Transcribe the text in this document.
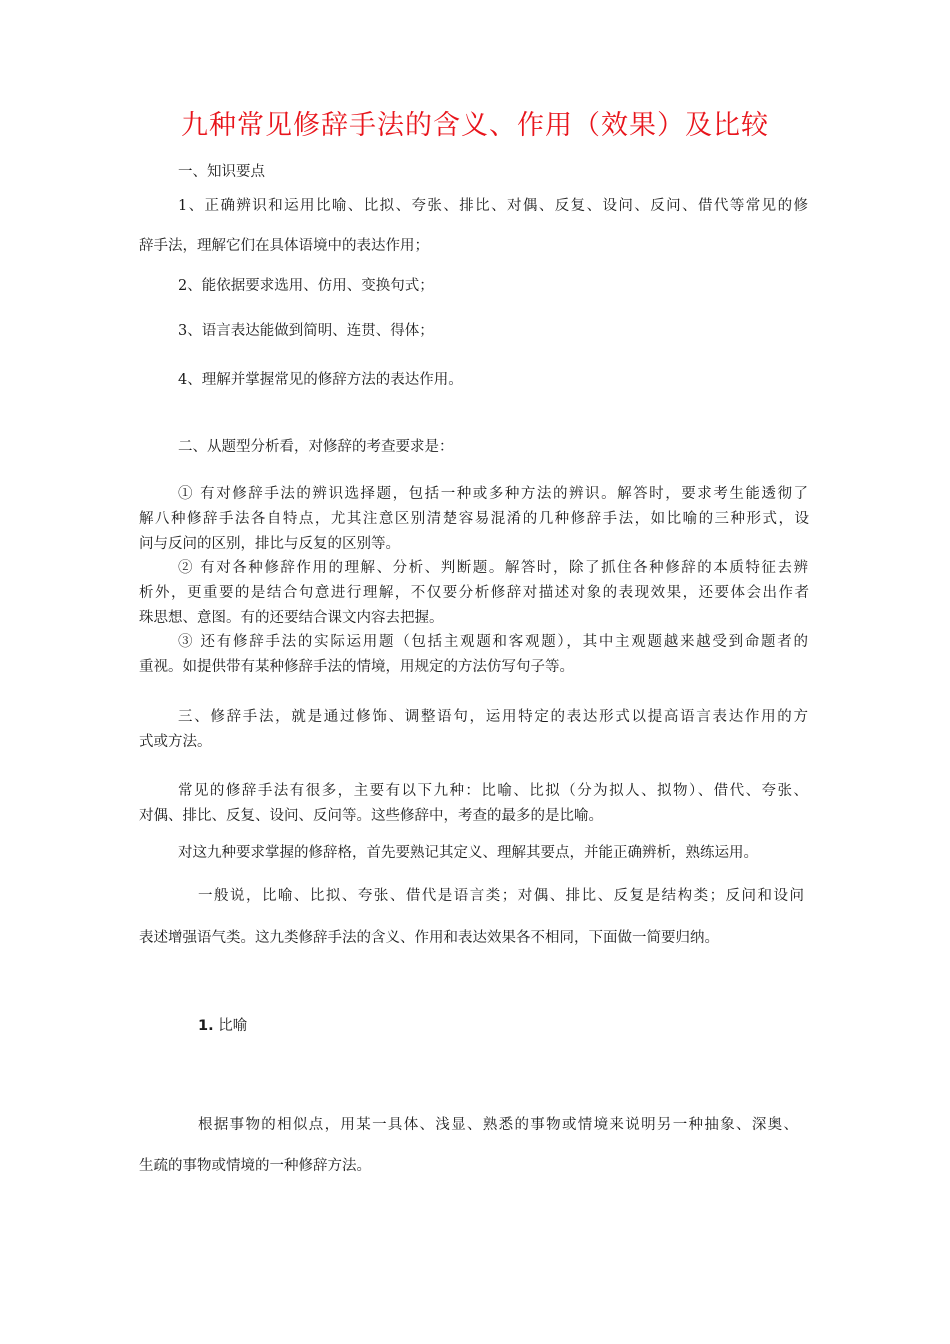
九种常见修辞手法的含义、作用（效果）及比较
一、知识要点
1、正确辨识和运用比喻、比拟、夸张、排比、对偶、反复、设问、反问、借代等常见的修
辞手法，理解它们在具体语境中的表达作用；
2、能依据要求选用、仿用、变换句式；
3、语言表达能做到简明、连贯、得体；
4、理解并掌握常见的修辞方法的表达作用。
二、从题型分析看，对修辞的考查要求是：
① 有对修辞手法的辨识选择题，包括一种或多种方法的辨识。解答时，要求考生能透彻了
解八种修辞手法各自特点，尤其注意区别清楚容易混淆的几种修辞手法，如比喻的三种形式，设
问与反问的区别，排比与反复的区别等。
② 有对各种修辞作用的理解、分析、判断题。解答时，除了抓住各种修辞的本质特征去辨
析外，更重要的是结合句意进行理解，不仅要分析修辞对描述对象的表现效果，还要体会出作者
珠思想、意图。有的还要结合课文内容去把握。
③ 还有修辞手法的实际运用题（包括主观题和客观题），其中主观题越来越受到命题者的
重视。如提供带有某种修辞手法的情境，用规定的方法仿写句子等。
三、修辞手法，就是通过修饰、调整语句，运用特定的表达形式以提高语言表达作用的方
式或方法。
常见的修辞手法有很多，主要有以下九种：比喻、比拟（分为拟人、拟物）、借代、夸张、
对偶、排比、反复、设问、反问等。这些修辞中，考查的最多的是比喻。
对这九种要求掌握的修辞格，首先要熟记其定义、理解其要点，并能正确辨析，熟练运用。
一般说，比喻、比拟、夸张、借代是语言类；对偶、排比、反复是结构类；反问和设问
表述增强语气类。这九类修辞手法的含义、作用和表达效果各不相同，下面做一简要归纳。
1. 比喻
根据事物的相似点，用某一具体、浅显、熟悉的事物或情境来说明另一种抽象、深奥、
生疏的事物或情境的一种修辞方法。
